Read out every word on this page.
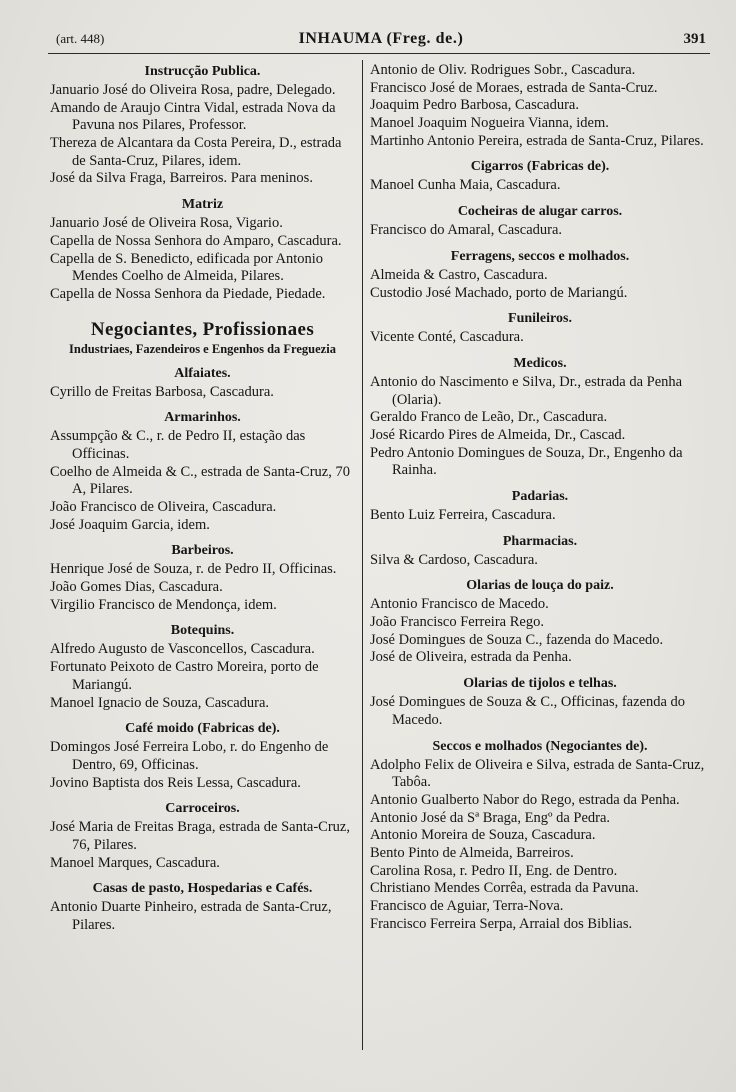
(art. 448)	INHAUMA (Freg. de.)	391
Instrucção Publica.

Januario José do Oliveira Rosa, padre, Delegado.

Amando de Araujo Cintra Vidal, estrada Nova da Pavuna nos Pilares, Professor.

Thereza de Alcantara da Costa Pereira, D., estrada de Santa-Cruz, Pilares, idem.

José da Silva Fraga, Barreiros. Para meninos.

Matriz

Januario José de Oliveira Rosa, Vigario.

Capella de Nossa Senhora do Amparo, Cascadura.

Capella de S. Benedicto, edificada por Antonio Mendes Coelho de Almeida, Pilares.

Capella de Nossa Senhora da Piedade, Piedade.

Negociantes, Profissionaes
Industriaes, Fazendeiros e Engenhos da Freguezia
Alfaiates.

Cyrillo de Freitas Barbosa, Cascadura.

Armarinhos.

Assumpção & C., r. de Pedro II, estação das Officinas.

Coelho de Almeida & C., estrada de Santa-Cruz, 70 A, Pilares.

João Francisco de Oliveira, Cascadura.

José Joaquim Garcia, idem.

Barbeiros.

Henrique José de Souza, r. de Pedro II, Officinas.

João Gomes Dias, Cascadura.

Virgilio Francisco de Mendonça, idem.

Botequins.

Alfredo Augusto de Vasconcellos, Cascadura.

Fortunato Peixoto de Castro Moreira, porto de Mariangú.

Manoel Ignacio de Souza, Cascadura.

Café moido (Fabricas de).

Domingos José Ferreira Lobo, r. do Engenho de Dentro, 69, Officinas.

Jovino Baptista dos Reis Lessa, Cascadura.

Carroceiros.

José Maria de Freitas Braga, estrada de Santa-Cruz, 76, Pilares.

Manoel Marques, Cascadura.

Casas de pasto, Hospedarias e Cafés.

Antonio Duarte Pinheiro, estrada de Santa-Cruz, Pilares.

Antonio de Oliv. Rodrigues Sobr., Cascadura.

Francisco José de Moraes, estrada de Santa-Cruz.

Joaquim Pedro Barbosa, Cascadura.

Manoel Joaquim Nogueira Vianna, idem.

Martinho Antonio Pereira, estrada de Santa-Cruz, Pilares.

Cigarros (Fabricas de).

Manoel Cunha Maia, Cascadura.

Cocheiras de alugar carros.

Francisco do Amaral, Cascadura.

Ferragens, seccos e molhados.

Almeida & Castro, Cascadura.

Custodio José Machado, porto de Mariangú.

Funileiros.

Vicente Conté, Cascadura.

Medicos.

Antonio do Nascimento e Silva, Dr., estrada da Penha (Olaria).

Geraldo Franco de Leão, Dr., Cascadura.

José Ricardo Pires de Almeida, Dr., Cascad.

Pedro Antonio Domingues de Souza, Dr., Engenho da Rainha.

Padarias.

Bento Luiz Ferreira, Cascadura.

Pharmacias.

Silva & Cardoso, Cascadura.

Olarias de louça do paiz.

Antonio Francisco de Macedo.

João Francisco Ferreira Rego.

José Domingues de Souza C., fazenda do Macedo.

José de Oliveira, estrada da Penha.

Olarias de tijolos e telhas.

José Domingues de Souza & C., Officinas, fazenda do Macedo.

Seccos e molhados (Negociantes de).

Adolpho Felix de Oliveira e Silva, estrada de Santa-Cruz, Tabôa.

Antonio Gualberto Nabor do Rego, estrada da Penha.

Antonio José da Sª Braga, Engº da Pedra.

Antonio Moreira de Souza, Cascadura.

Bento Pinto de Almeida, Barreiros.

Carolina Rosa, r. Pedro II, Eng. de Dentro.

Christiano Mendes Corrêa, estrada da Pavuna.

Francisco de Aguiar, Terra-Nova.

Francisco Ferreira Serpa, Arraial dos Biblias.
